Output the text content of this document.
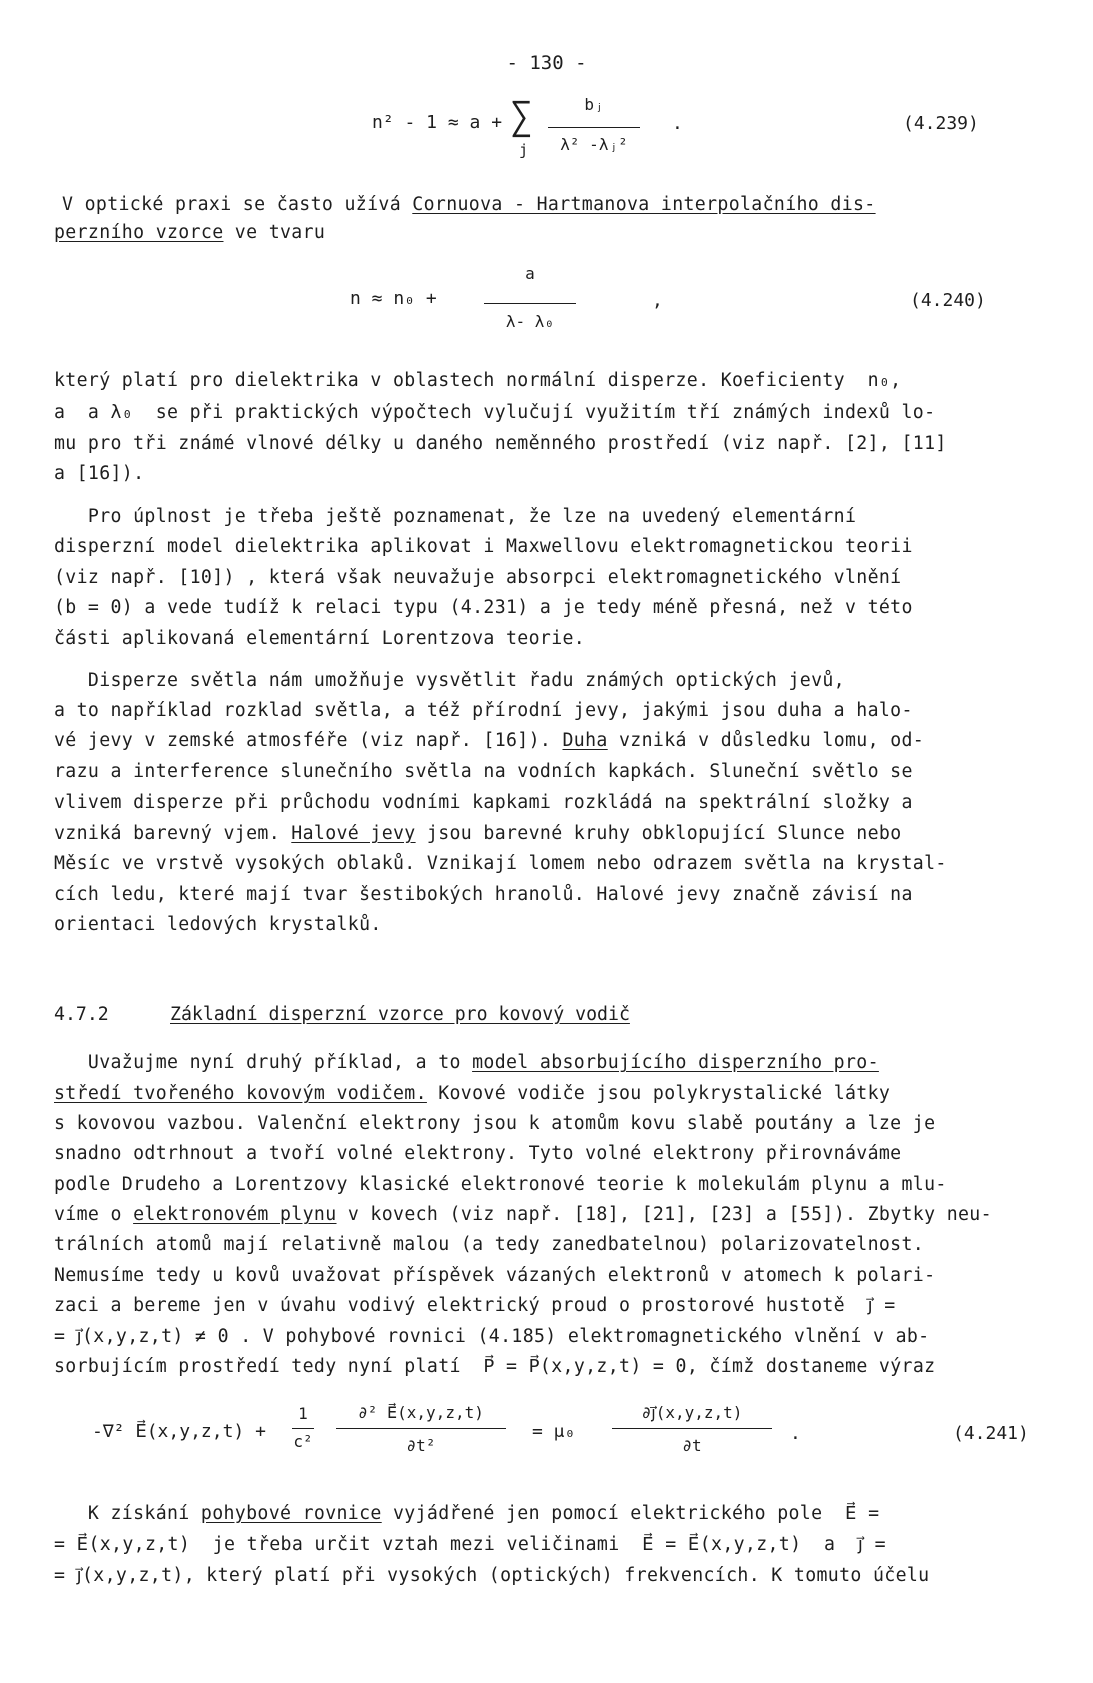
- 130 -
n² - 1 ≈ a + ∑
j
bⱼ
λ² -λⱼ²
.	(4.239)
V optické praxi se často užívá Cornuova - Hartmanova interpolačního dis-
perzního vzorce ve tvaru
n ≈ n₀ +
a
λ- λ₀
,	(4.240)
který platí pro dielektrika v oblastech normální disperze. Koeficienty  n₀,
a  a λ₀  se při praktických výpočtech vylučují využitím tří známých indexů lo-
mu pro tři známé vlnové délky u daného neměnného prostředí (viz např. [2], [11]
a [16]).
Pro úplnost je třeba ještě poznamenat, že lze na uvedený elementární
disperzní model dielektrika aplikovat i Maxwellovu elektromagnetickou teorii
(viz např. [10]) , která však neuvažuje absorpci elektromagnetického vlnění
(b = 0) a vede tudíž k relaci typu (4.231) a je tedy méně přesná, než v této
části aplikovaná elementární Lorentzova teorie.
Disperze světla nám umožňuje vysvětlit řadu známých optických jevů,
a to například rozklad světla, a též přírodní jevy, jakými jsou duha a halo-
vé jevy v zemské atmosféře (viz např. [16]). Duha vzniká v důsledku lomu, od-
razu a interference slunečního světla na vodních kapkách. Sluneční světlo se
vlivem disperze při průchodu vodními kapkami rozkládá na spektrální složky a
vzniká barevný vjem. Halové jevy jsou barevné kruhy obklopující Slunce nebo
Měsíc ve vrstvě vysokých oblaků. Vznikají lomem nebo odrazem světla na krystal-
cích ledu, které mají tvar šestibokých hranolů. Halové jevy značně závisí na
orientaci ledových krystalků.
4.7.2	Základní disperzní vzorce pro kovový vodič
Uvažujme nyní druhý příklad, a to model absorbujícího disperzního pro-
středí tvořeného kovovým vodičem. Kovové vodiče jsou polykrystalické látky
s kovovou vazbou. Valenční elektrony jsou k atomům kovu slabě poutány a lze je
snadno odtrhnout a tvoří volné elektrony. Tyto volné elektrony přirovnáváme
podle Drudeho a Lorentzovy klasické elektronové teorie k molekulám plynu a mlu-
víme o elektronovém plynu v kovech (viz např. [18], [21], [23] a [55]). Zbytky neu-
trálních atomů mají relativně malou (a tedy zanedbatelnou) polarizovatelnost.
Nemusíme tedy u kovů uvažovat příspěvek vázaných elektronů v atomech k polari-
zaci a bereme jen v úvahu vodivý elektrický proud o prostorové hustotě  j⃗ =
= j⃗(x,y,z,t) ≠ 0 . V pohybové rovnici (4.185) elektromagnetického vlnění v ab-
sorbujícím prostředí tedy nyní platí  P⃗ = P⃗(x,y,z,t) = 0, čímž dostaneme výraz
-∇² E⃗(x,y,z,t) +
1
c²
∂² E⃗(x,y,z,t)
∂t²
= μ₀
∂j⃗(x,y,z,t)
∂t
.	(4.241)
K získání pohybové rovnice vyjádřené jen pomocí elektrického pole  E⃗ =
= E⃗(x,y,z,t)  je třeba určit vztah mezi veličinami  E⃗ = E⃗(x,y,z,t)  a  j⃗ =
= j⃗(x,y,z,t), který platí při vysokých (optických) frekvencích. K tomuto účelu
